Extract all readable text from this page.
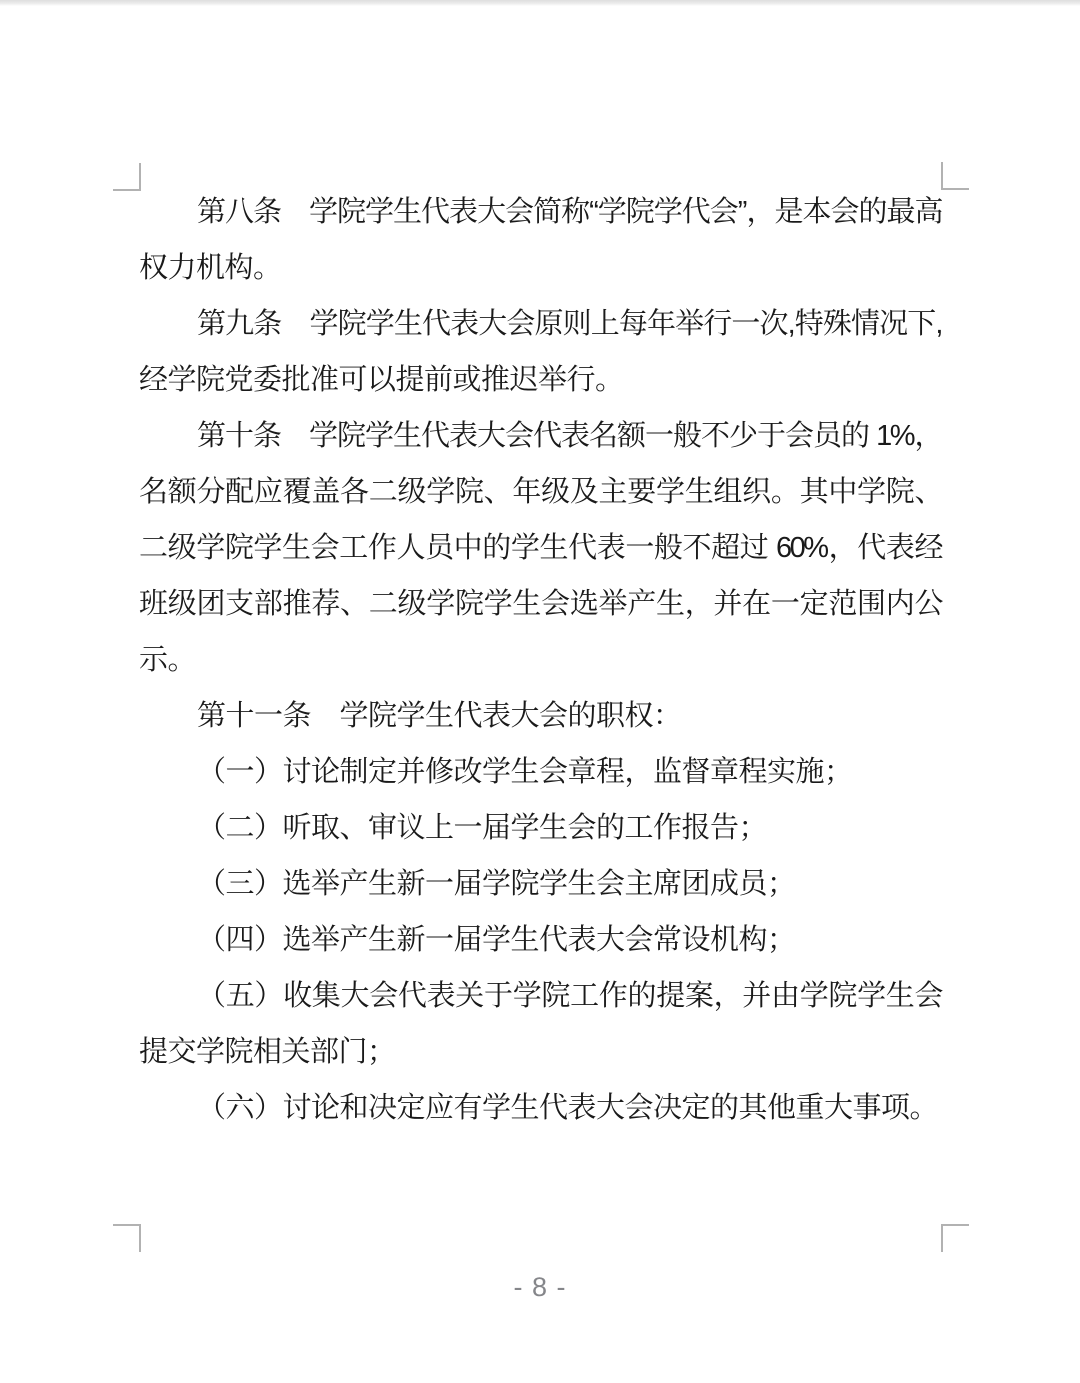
第八条　学院学生代表大会简称“学院学代会”，是本会的最高
权力机构。
第九条　学院学生代表大会原则上每年举行一次,特殊情况下,
经学院党委批准可以提前或推迟举行。
第十条　学院学生代表大会代表名额一般不少于会员的 1%，
名额分配应覆盖各二级学院、年级及主要学生组织。其中学院、
二级学院学生会工作人员中的学生代表一般不超过 60%，代表经
班级团支部推荐、二级学院学生会选举产生，并在一定范围内公
示。
第十一条　学院学生代表大会的职权：
（一）讨论制定并修改学生会章程，监督章程实施；
（二）听取、审议上一届学生会的工作报告；
（三）选举产生新一届学院学生会主席团成员；
（四）选举产生新一届学生代表大会常设机构；
（五）收集大会代表关于学院工作的提案，并由学院学生会
提交学院相关部门；
（六）讨论和决定应有学生代表大会决定的其他重大事项。
- 8 -
